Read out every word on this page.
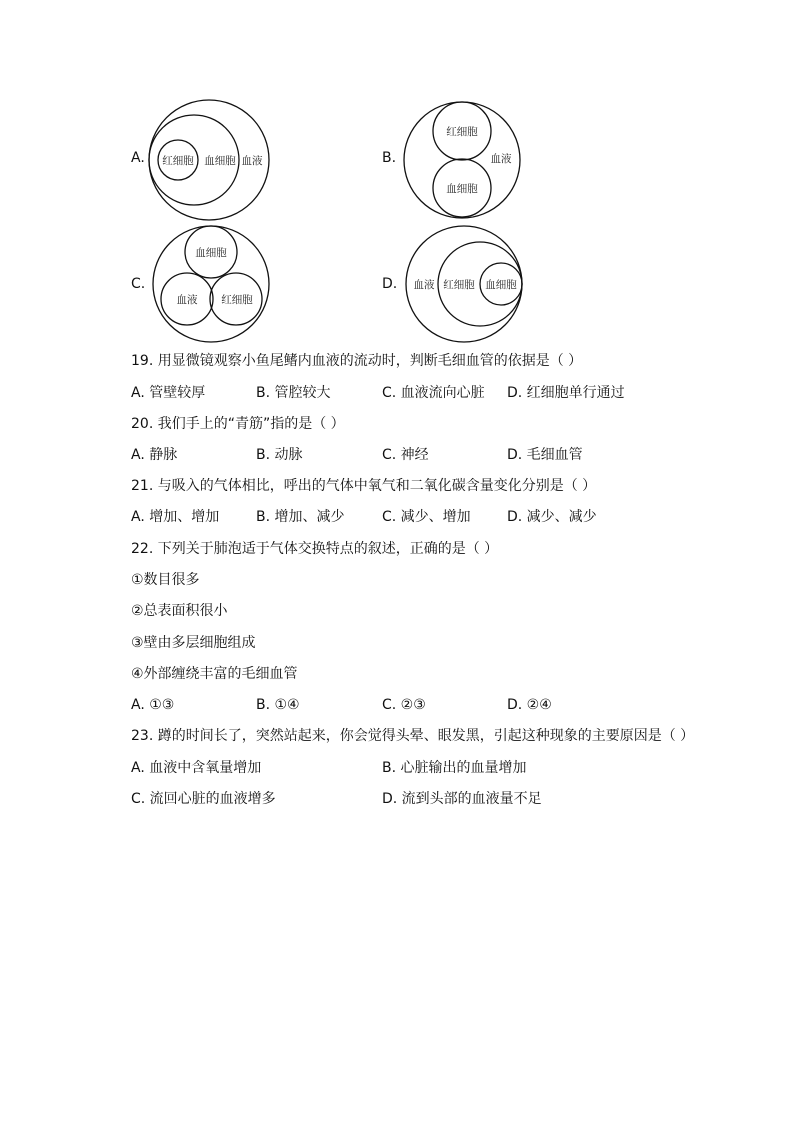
A. 红细胞 血细胞 血液	B.
红细胞
血细胞
血液
C.
血细胞
血液 红细胞
D. 血液 红细胞 血细胞
19. 用显微镜观察小鱼尾鳍内血液的流动时，判断毛细血管的依据是（ ）
A. 管壁较厚	B. 管腔较大	C. 血液流向心脏 D. 红细胞单行通过
20. 我们手上的“青筋”指的是（ ）
A. 静脉	B. 动脉	C. 神经	D. 毛细血管
21. 与吸入的气体相比，呼出的气体中氧气和二氧化碳含量变化分别是（ ）
A. 增加、增加	B. 增加、减少	C. 减少、增加	D. 减少、减少
22. 下列关于肺泡适于气体交换特点的叙述，正确的是（ ）
①数目很多
②总表面积很小
③壁由多层细胞组成
④外部缠绕丰富的毛细血管
A. ①③	B. ①④	C. ②③	D. ②④
23. 蹲的时间长了，突然站起来，你会觉得头晕、眼发黑，引起这种现象的主要原因是（ ）
A. 血液中含氧量增加	B. 心脏输出的血量增加
C. 流回心脏的血液增多	D. 流到头部的血液量不足
